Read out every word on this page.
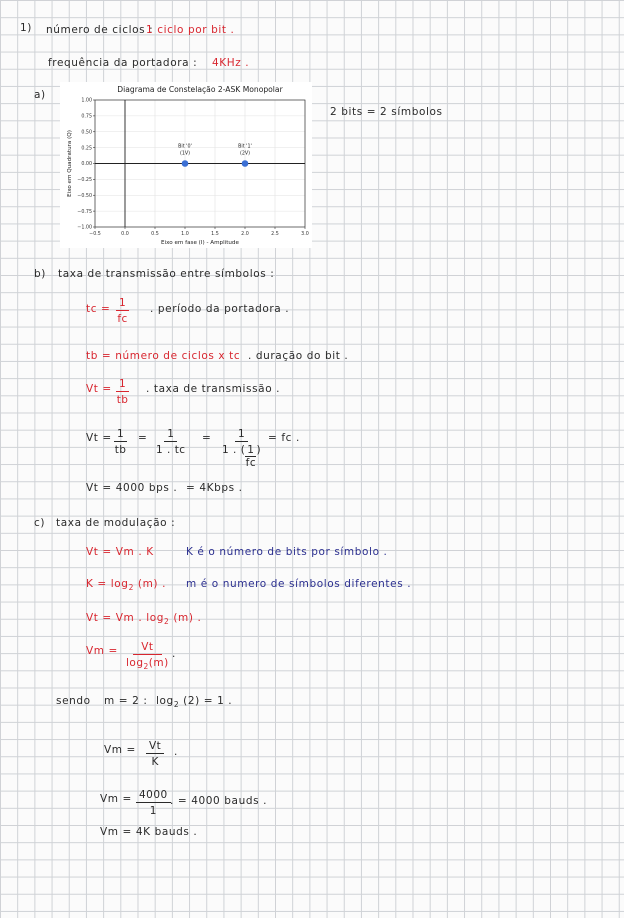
1) número de ciclos :
1 ciclo por bit .
frequência da portadora : 4KHz .
a)
2 bits = 2 símbolos
Diagrama de Constelação 2-ASK Monopolar
−0.5	0.0	0.5	1.0	1.5	2.0	2.5	3.0
−1.00
−0.75
−0.50
−0.25
0.00
0.25
0.50
0.75
1.00
Eixo em fase (I) - Amplitude
Eixo em Quadratura (Q)	Bit '0'
(1V)
Bit '1'
(2V)
b) taxa de transmissão entre símbolos :
tc = $\frac{1}{fc}$ . período da portadora .
tb = número de ciclos x tc . duração do bit .
$Vt = \frac{1}{tb}$ . taxa de transmissão .
$Vt = \frac{1}{tb} = \frac{1}{1 . tc} = \frac{1}{1 . ( \frac{1}{fc} )}$ = fc .
Vt = 4000 bps . = 4Kbps .
c) taxa de modulação :
Vt = Vm . K	K é o número de bits por símbolo .
$K = \log_2 (m)$ . m é o numero de símbolos diferentes .
Vt = Vm . $\log_2 (m)$ .
$Vm = \frac{Vt}{\log_2(m)}$ .
sendo m = 2 : $\log_2 (2) = 1$ .
$Vm = \frac{Vt}{K}$ .
$Vm = \frac{4000}{1}$ . = 4000 bauds .
Vm = 4K bauds .
